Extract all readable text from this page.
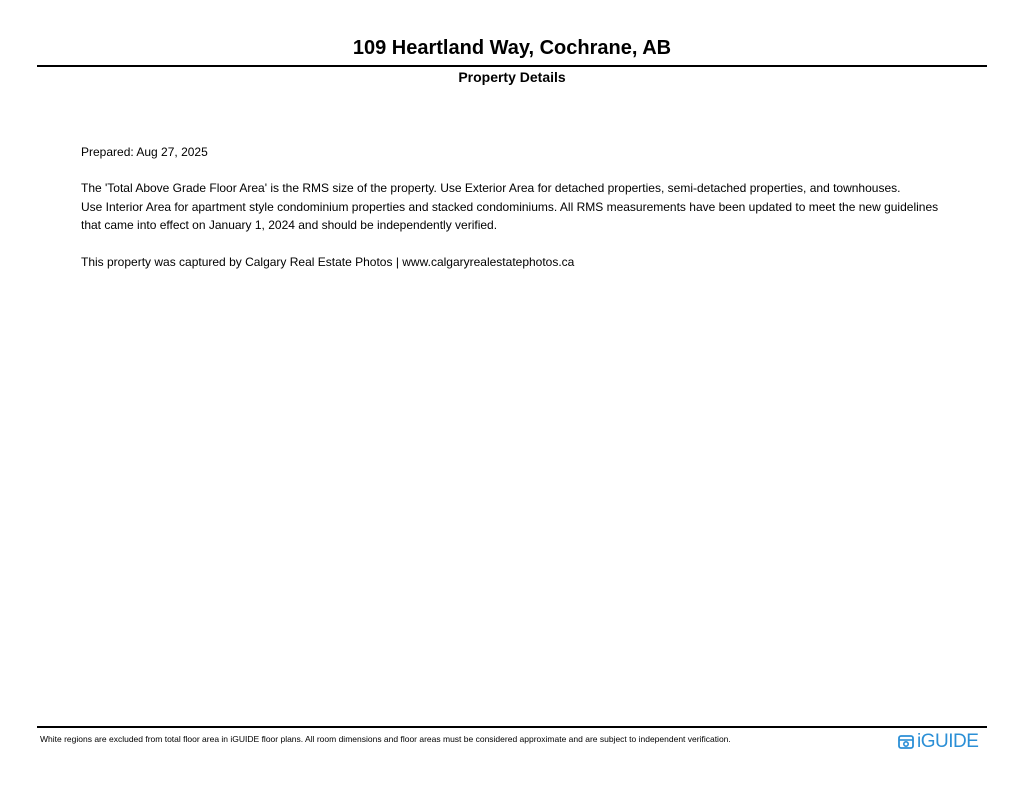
109 Heartland Way, Cochrane, AB
Property Details
Prepared: Aug 27, 2025

The 'Total Above Grade Floor Area' is the RMS size of the property. Use Exterior Area for detached properties, semi-detached properties, and townhouses.

Use Interior Area for apartment style condominium properties and stacked condominiums. All RMS measurements have been updated to meet the new guidelines

that came into effect on January 1, 2024 and should be independently verified.

This property was captured by Calgary Real Estate Photos | www.calgaryrealestatephotos.ca
White regions are excluded from total floor area in iGUIDE floor plans. All room dimensions and floor areas must be considered approximate and are subject to independent verification.	iGUIDE
